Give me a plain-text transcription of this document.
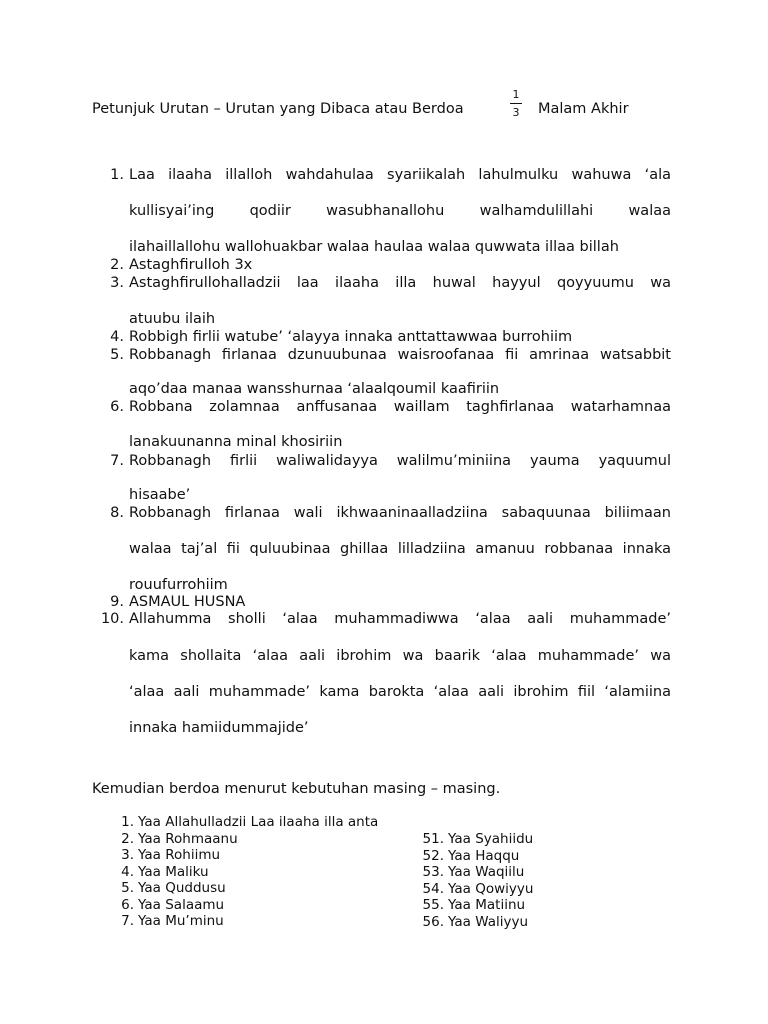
Petunjuk Urutan – Urutan yang Dibaca atau Berdoa
1
3 Malam Akhir
1. Laa ilaaha illalloh wahdahulaa syariikalah lahulmulku wahuwa ‘ala
kullisyai’ing qodiir wasubhanallohu walhamdulillahi walaa
ilahaillallohu wallohuakbar walaa haulaa walaa quwwata illaa billah
2. Astaghfirulloh 3x
3. Astaghfirullohalladzii laa ilaaha illa huwal hayyul qoyyuumu wa
atuubu ilaih
4. Robbigh firlii watube’ ‘alayya innaka anttattawwaa burrohiim
5. Robbanagh firlanaa dzunuubunaa waisroofanaa fii amrinaa watsabbit
aqo’daa manaa wansshurnaa ‘alaalqoumil kaafiriin
6. Robbana zolamnaa anffusanaa waillam taghfirlanaa watarhamnaa
lanakuunanna minal khosiriin
7. Robbanagh firlii waliwalidayya walilmu’miniina yauma yaquumul
hisaabe’
8. Robbanagh firlanaa wali ikhwaaninaalladziina sabaquunaa biliimaan
walaa taj’al fii quluubinaa ghillaa lilladziina amanuu robbanaa innaka
rouufurrohiim
9. ASMAUL HUSNA
10. Allahumma sholli ‘alaa muhammadiwwa ‘alaa aali muhammade’
kama shollaita ‘alaa aali ibrohim wa baarik ‘alaa muhammade’ wa
‘alaa aali muhammade’ kama barokta ‘alaa aali ibrohim fiil ‘alamiina
innaka hamiidummajide’
Kemudian berdoa menurut kebutuhan masing – masing.
1. Yaa Allahulladzii Laa ilaaha illa anta
2. Yaa Rohmaanu
3. Yaa Rohiimu
4. Yaa Maliku
5. Yaa Quddusu
6. Yaa Salaamu
7. Yaa Mu’minu
51. Yaa Syahiidu
52. Yaa Haqqu
53. Yaa Waqiilu
54. Yaa Qowiyyu
55. Yaa Matiinu
56. Yaa Waliyyu
